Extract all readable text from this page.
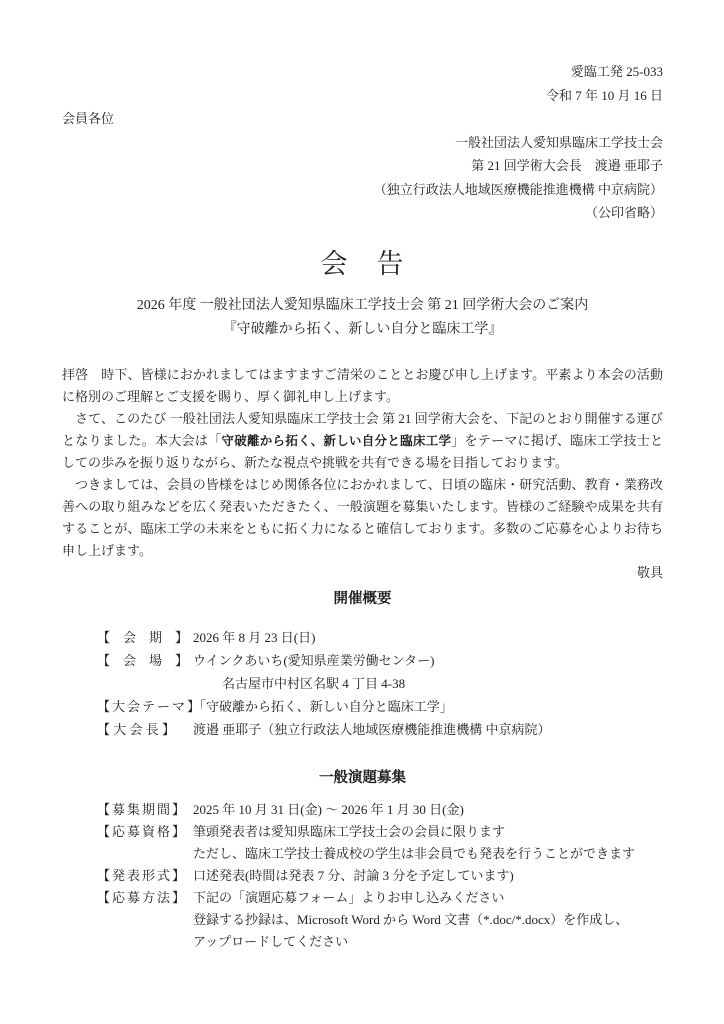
愛臨工発 25-033
令和 7 年 10 月 16 日
会員各位
一般社団法人愛知県臨床工学技士会
第 21 回学術大会長　渡邉 亜耶子
（独立行政法人地域医療機能推進機構 中京病院）
（公印省略）
会　告
2026 年度 一般社団法人愛知県臨床工学技士会 第 21 回学術大会のご案内
『守破離から拓く、新しい自分と臨床工学』

拝啓　時下、皆様におかれましてはますますご清栄のこととお慶び申し上げます。平素より本会の活動に格別のご理解とご支援を賜り、厚く御礼申し上げます。

　さて、このたび 一般社団法人愛知県臨床工学技士会 第 21 回学術大会を、下記のとおり開催する運びとなりました。本大会は「守破離から拓く、新しい自分と臨床工学」をテーマに掲げ、臨床工学技士としての歩みを振り返りながら、新たな視点や挑戦を共有できる場を目指しております。

　つきましては、会員の皆様をはじめ関係各位におかれまして、日頃の臨床・研究活動、教育・業務改善への取り組みなどを広く発表いただきたく、一般演題を募集いたします。皆様のご経験や成果を共有することが、臨床工学の未来をともに拓く力になると確信しております。多数のご応募を心よりお待ち申し上げます。

敬具
開催概要
【　会　期　】 2026 年 8 月 23 日(日)
【　会　場　】 ウインクあいち(愛知県産業労働センター)
名古屋市中村区名駅 4 丁目 4-38
【大会テーマ】
「守破離から拓く、新しい自分と臨床工学」
【 大 会 長 】	渡邉 亜耶子（独立行政法人地域医療機能推進機構 中京病院）
一般演題募集
【募集期間】 2025 年 10 月 31 日(金) ～ 2026 年 1 月 30 日(金)
【応募資格】 筆頭発表者は愛知県臨床工学技士会の会員に限ります
ただし、臨床工学技士養成校の学生は非会員でも発表を行うことができます
【発表形式】 口述発表(時間は発表 7 分、討論 3 分を予定しています)
【応募方法】 下記の「演題応募フォーム」よりお申し込みください
登録する抄録は、Microsoft Word から Word 文書（*.doc/*.docx）を作成し、
アップロードしてください
